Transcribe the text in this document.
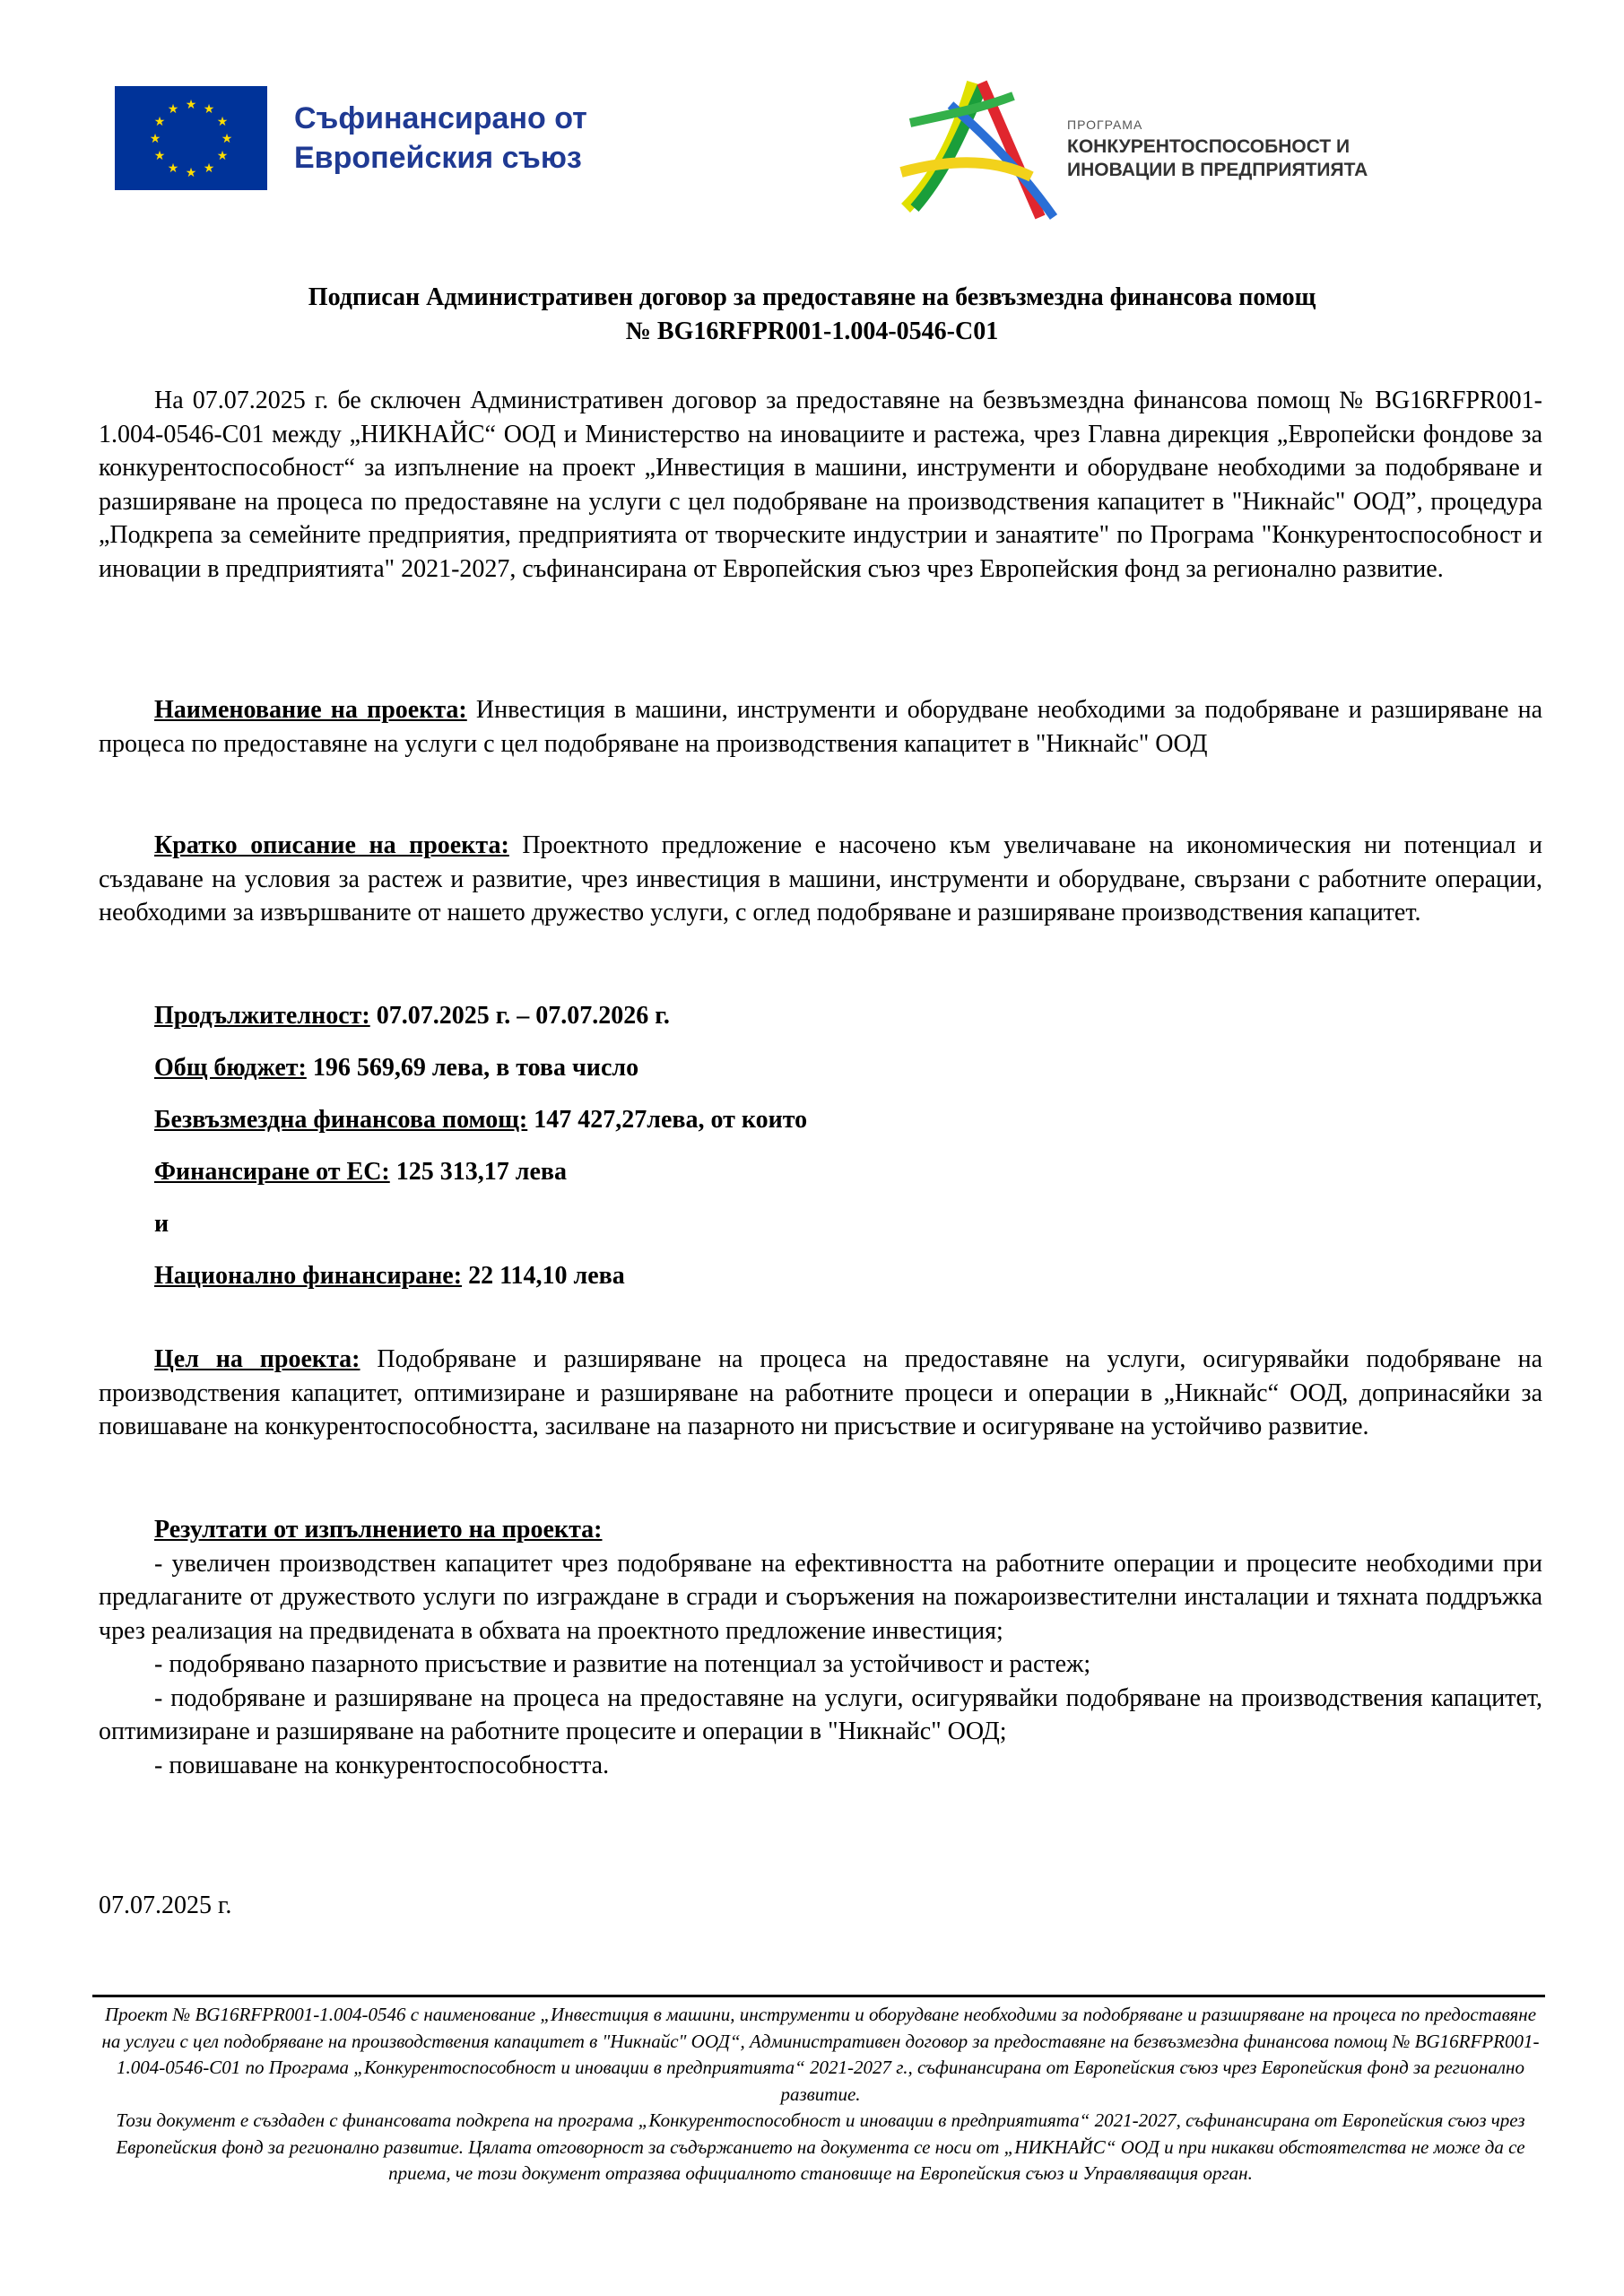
★ ★
★
★
★
★
★
★
★
★
★
★	Съфинансирано от
Европейския съюз
ПРОГРАМА
КОНКУРЕНТОСПОСОБНОСТ И
ИНОВАЦИИ В ПРЕДПРИЯТИЯТА
Подписан Административен договор за предоставяне на безвъзмездна финансова помощ
№ BG16RFPR001-1.004-0546-C01
На 07.07.2025 г. бе сключен Административен договор за предоставяне на безвъзмездна финансова помощ № BG16RFPR001-1.004-0546-C01 между „НИКНАЙС“ ООД и Министерство на иновациите и растежа, чрез Главна дирекция „Европейски фондове за конкурентоспособност“ за изпълнение на проект „Инвестиция в машини, инструменти и оборудване необходими за подобряване и разширяване на процеса по предоставяне на услуги с цел подобряване на производствения капацитет в "Никнайс" ООД”, процедура „Подкрепа за семейните предприятия, предприятията от творческите индустрии и занаятите" по Програма "Конкурентоспособност и иновации в предприятията" 2021-2027, съфинансирана от Европейския съюз чрез Европейския фонд за регионално развитие.
Наименование на проекта: Инвестиция в машини, инструменти и оборудване необходими за подобряване и разширяване на процеса по предоставяне на услуги с цел подобряване на производствения капацитет в "Никнайс" ООД
Кратко описание на проекта: Проектното предложение е насочено към увеличаване на икономическия ни потенциал и създаване на условия за растеж и развитие, чрез инвестиция в машини, инструменти и оборудване, свързани с работните операции, необходими за извършваните от нашето дружество услуги, с оглед подобряване и разширяване производствения капацитет.
Продължителност: 07.07.2025 г. – 07.07.2026 г.
Общ бюджет: 196 569,69 лева, в това число
Безвъзмездна финансова помощ: 147 427,27лева, от които
Финансиране от ЕС: 125 313,17 лева
и
Национално финансиране: 22 114,10 лева
Цел на проекта: Подобряване и разширяване на процеса на предоставяне на услуги, осигурявайки подобряване на производствения капацитет, оптимизиране и разширяване на работните процеси и операции в „Никнайс“ ООД, допринасяйки за повишаване на конкурентоспособността, засилване на пазарното ни присъствие и осигуряване на устойчиво развитие.
Резултати от изпълнението на проекта:
- увеличен производствен капацитет чрез подобряване на ефективността на работните операции и процесите необходими при предлаганите от дружеството услуги по изграждане в сгради и съоръжения на пожароизвестителни инсталации и тяхната поддръжка чрез реализация на предвидената в обхвата на проектното предложение инвестиция;
- подобрявано пазарното присъствие и развитие на потенциал за устойчивост и растеж;
- подобряване и разширяване на процеса на предоставяне на услуги, осигурявайки подобряване на производствения капацитет, оптимизиране и разширяване на работните процесите и операции в "Никнайс" ООД;
- повишаване на конкурентоспособността.
07.07.2025 г.
Проект № BG16RFPR001-1.004-0546 с наименование „Инвестиция в машини, инструменти и оборудване необходими за подобряване и разширяване на процеса по предоставяне на услуги с цел подобряване на производствения капацитет в "Никнайс" ООД“, Административен договор за предоставяне на безвъзмездна финансова помощ № BG16RFPR001-1.004-0546-C01 по Програма „Конкурентоспособност и иновации в предприятията“ 2021-2027 г., съфинансирана от Европейския съюз чрез Европейския фонд за регионално развитие.
Този документ е създаден с финансовата подкрепа на програма „Конкурентоспособност и иновации в предприятията“ 2021-2027, съфинансирана от Европейския съюз чрез Европейския фонд за регионално развитие. Цялата отговорност за съдържанието на документа се носи от „НИКНАЙС“ ООД и при никакви обстоятелства не може да се приема, че този документ отразява официалното становище на Европейския съюз и Управляващия орган.
